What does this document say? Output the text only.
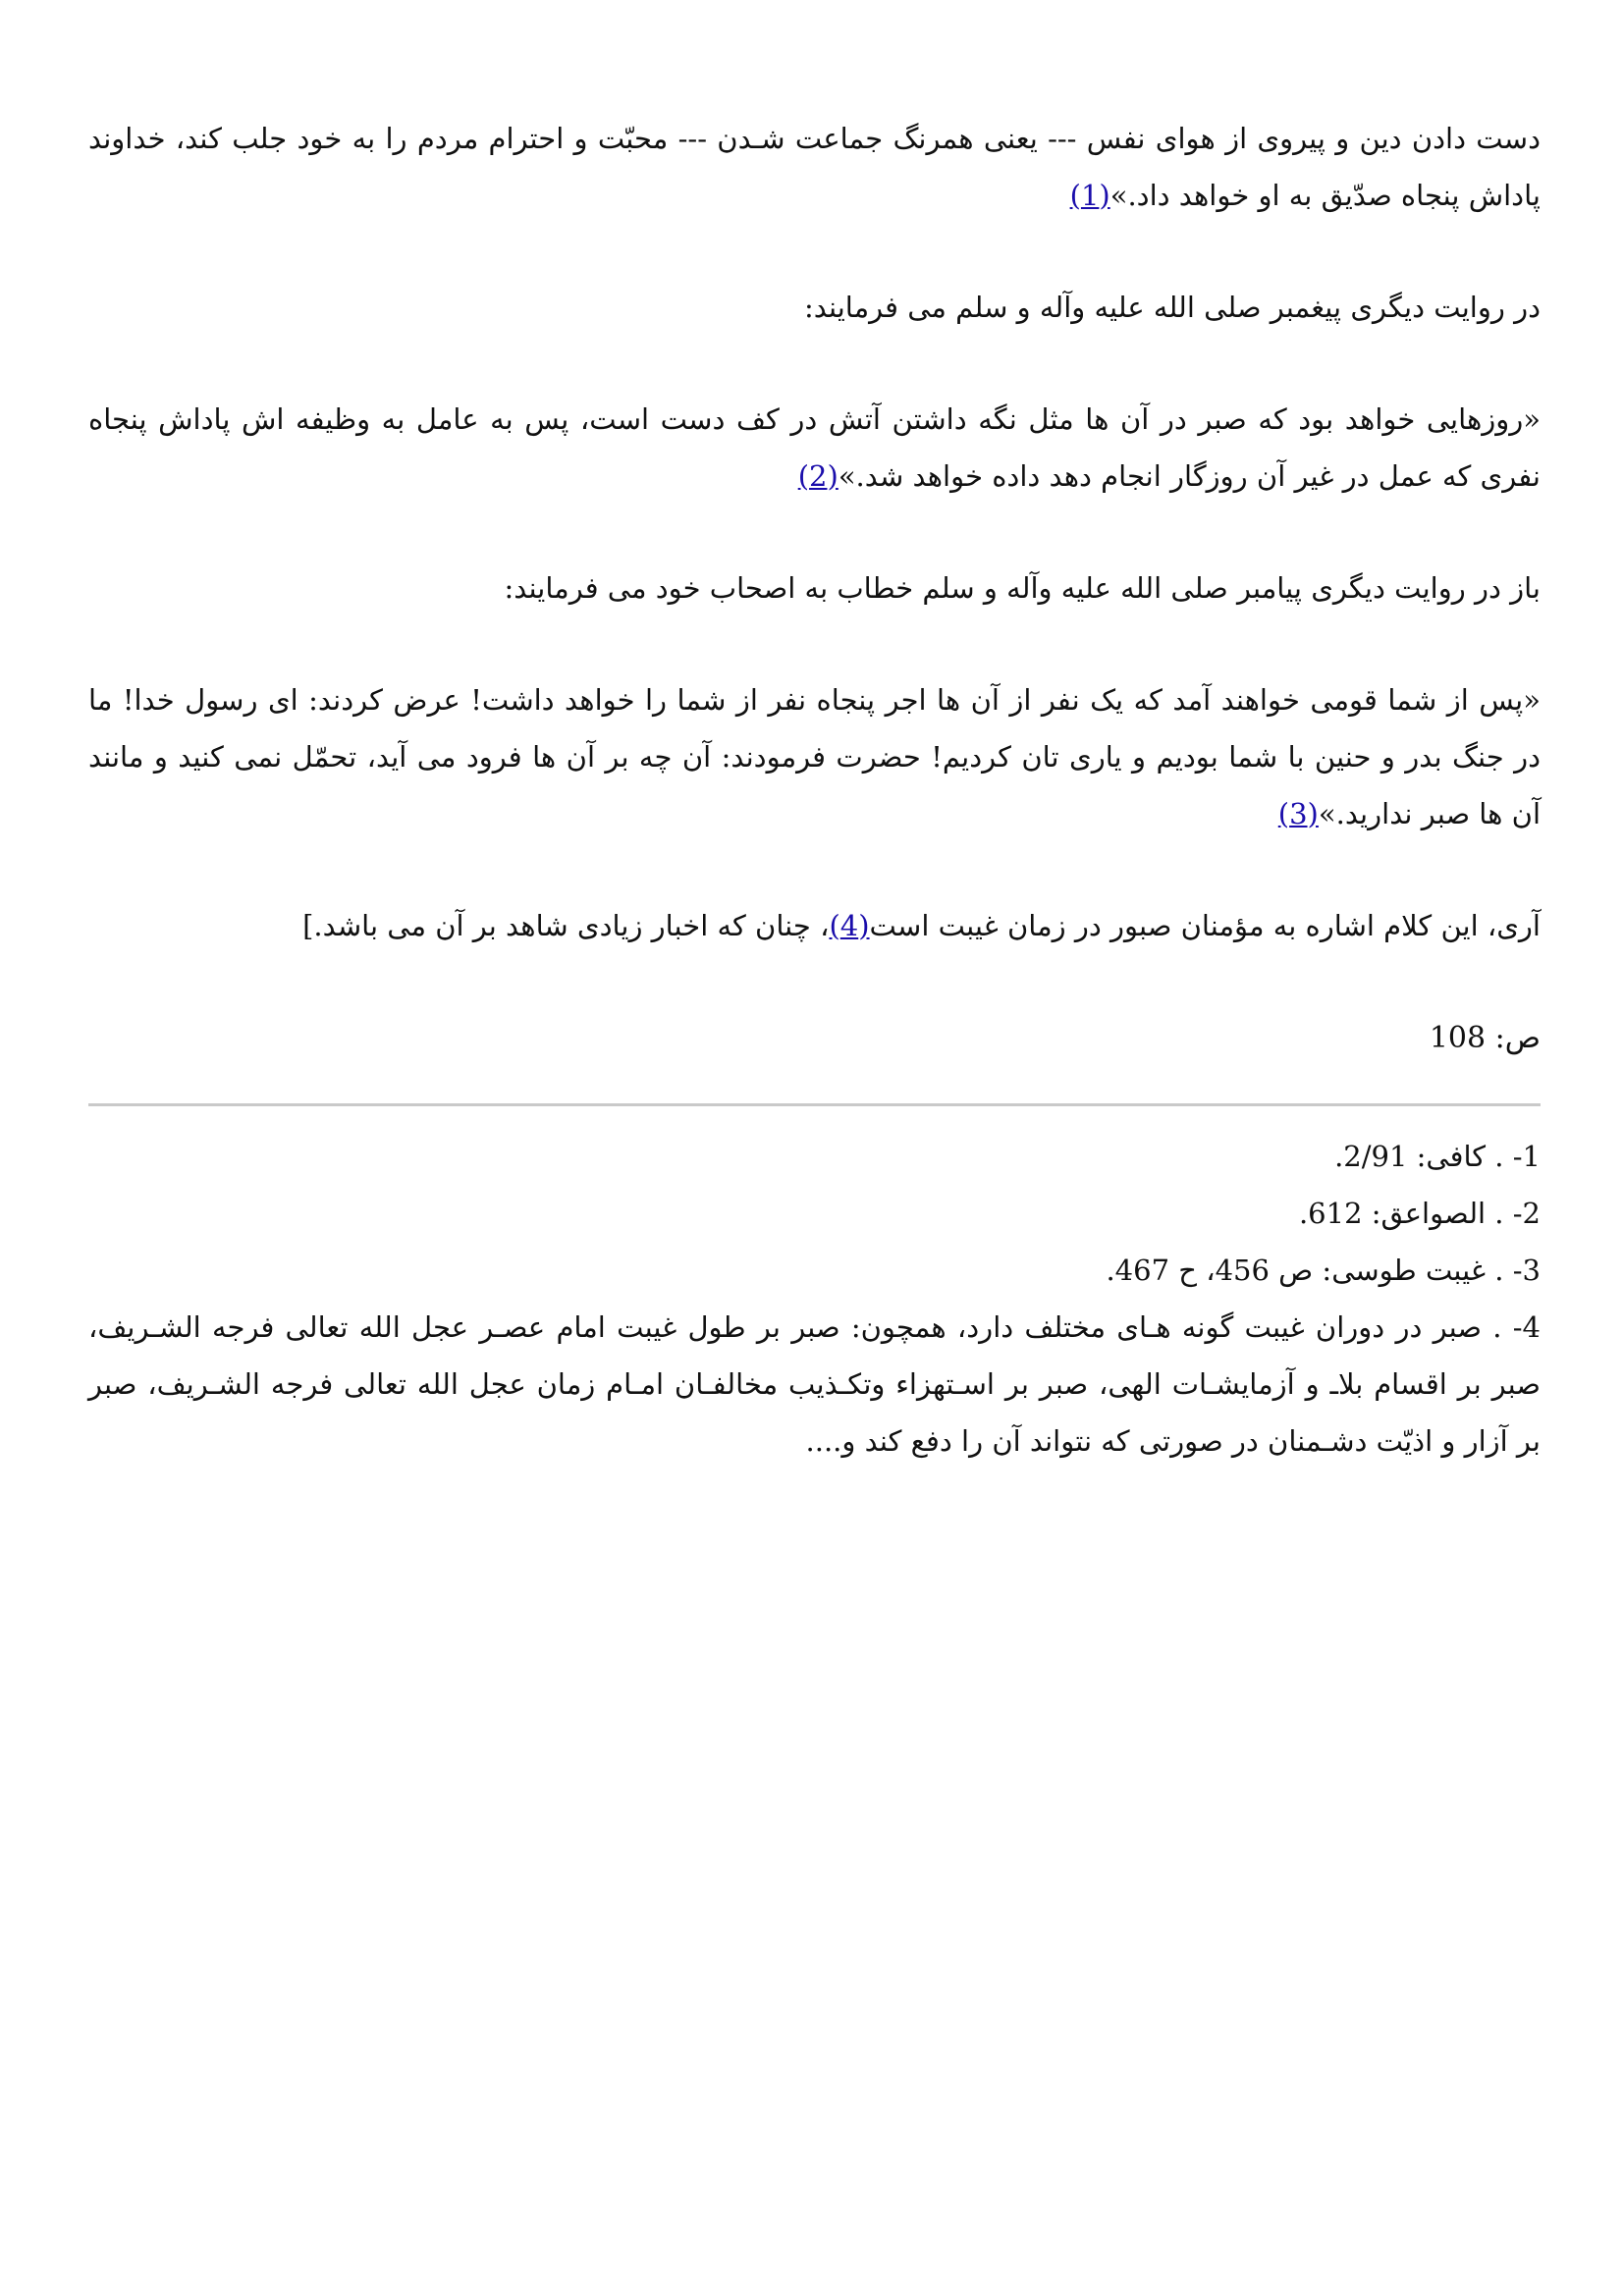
دست دادن دین و پیروی از هوای نفس --- یعنی همرنگ جماعت شـدن --- محبّت و احترام مردم را به خود جلب کند، خداوند پاداش پنجاه صدّیق به او خواهد داد.»(1)

در روایت دیگری پیغمبر صلی الله علیه وآله و سلم می فرمایند:

«روزهایی خواهد بود که صبر در آن ها مثل نگه داشتن آتش در کف دست است، پس به عامل به وظیفه اش پاداش پنجاه نفری که عمل در غیر آن روزگار انجام دهد داده خواهد شد.»(2)

باز در روایت دیگری پیامبر صلی الله علیه وآله و سلم خطاب به اصحاب خود می فرمایند:

«پس از شما قومی خواهند آمد که یک نفر از آن ها اجر پنجاه نفر از شما را خواهد داشت! عرض کردند: ای رسول خدا! ما در جنگ بدر و حنین با شما بودیم و یاری تان کردیم! حضرت فرمودند: آن چه بر آن ها فرود می آید، تحمّل نمی کنید و مانند آن ها صبر ندارید.»(3)

آری، این کلام اشاره به مؤمنان صبور در زمان غیبت است(4)، چنان که اخبار زیادی شاهد بر آن می باشد.]

ص: 108

1- . کافی: 2/91.

2- . الصواعق: 612.

3- . غیبت طوسی: ص 456، ح 467.

4- . صبر در دوران غیبت گونه هـای مختلف دارد، همچون: صبر بر طول غیبت امام عصـر عجل الله تعالی فرجه الشـریف، صبر بر اقسام بلاـ و آزمایشـات الهی، صبر بر اسـتهزاء وتکـذیب مخالفـان امـام زمان عجل الله تعالی فرجه الشـریف، صبر بر آزار و اذیّت دشـمنان در صورتی که نتواند آن را دفع کند و....
